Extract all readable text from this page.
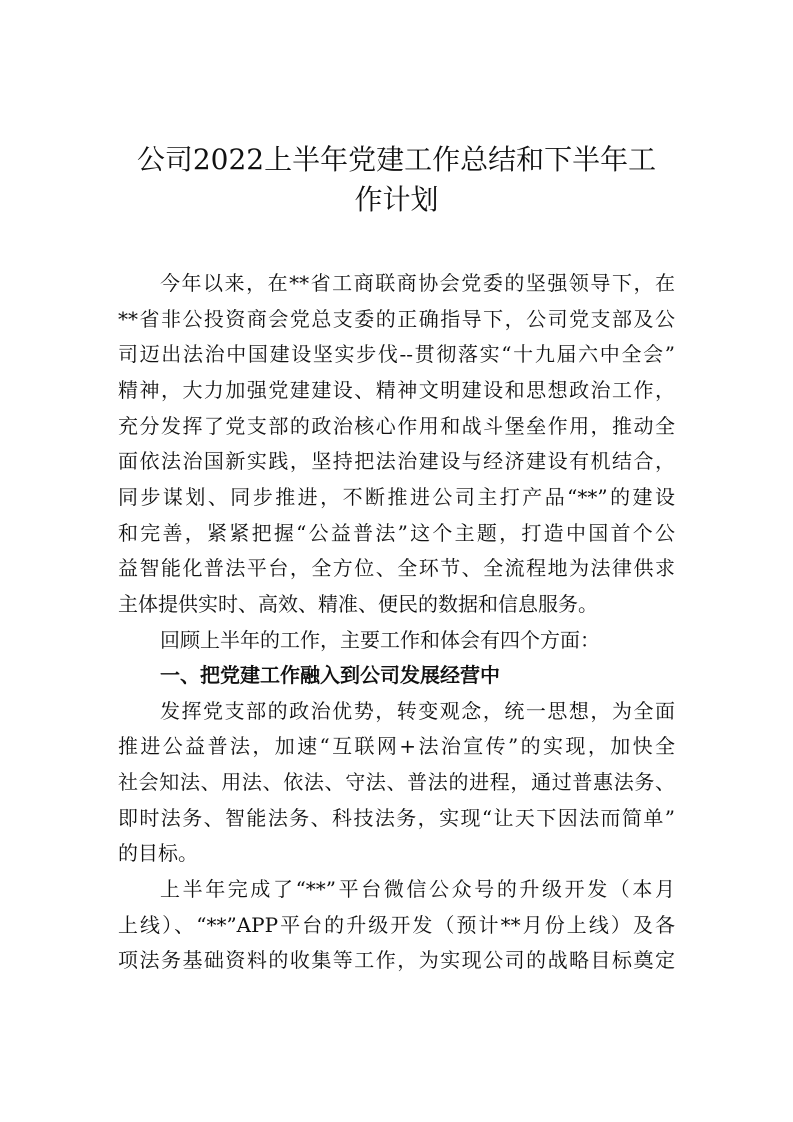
公司2022上半年党建工作总结和下半年工
作计划
今年以来，在**省工商联商协会党委的坚强领导下，在
**省非公投资商会党总支委的正确指导下，公司党支部及公
司迈出法治中国建设坚实步伐--贯彻落实“十九届六中全会”
精神，大力加强党建建设、精神文明建设和思想政治工作，
充分发挥了党支部的政治核心作用和战斗堡垒作用，推动全
面依法治国新实践，坚持把法治建设与经济建设有机结合，
同步谋划、同步推进，不断推进公司主打产品“**”的建设
和完善，紧紧把握“公益普法”这个主题，打造中国首个公
益智能化普法平台，全方位、全环节、全流程地为法律供求
主体提供实时、高效、精准、便民的数据和信息服务。
回顾上半年的工作，主要工作和体会有四个方面：
一、把党建工作融入到公司发展经营中
发挥党支部的政治优势，转变观念，统一思想，为全面
推进公益普法，加速“互联网+法治宣传”的实现，加快全
社会知法、用法、依法、守法、普法的进程，通过普惠法务、
即时法务、智能法务、科技法务，实现“让天下因法而简单”
的目标。
上半年完成了“**”平台微信公众号的升级开发（本月
上线）、“**”APP平台的升级开发（预计**月份上线）及各
项法务基础资料的收集等工作，为实现公司的战略目标奠定
